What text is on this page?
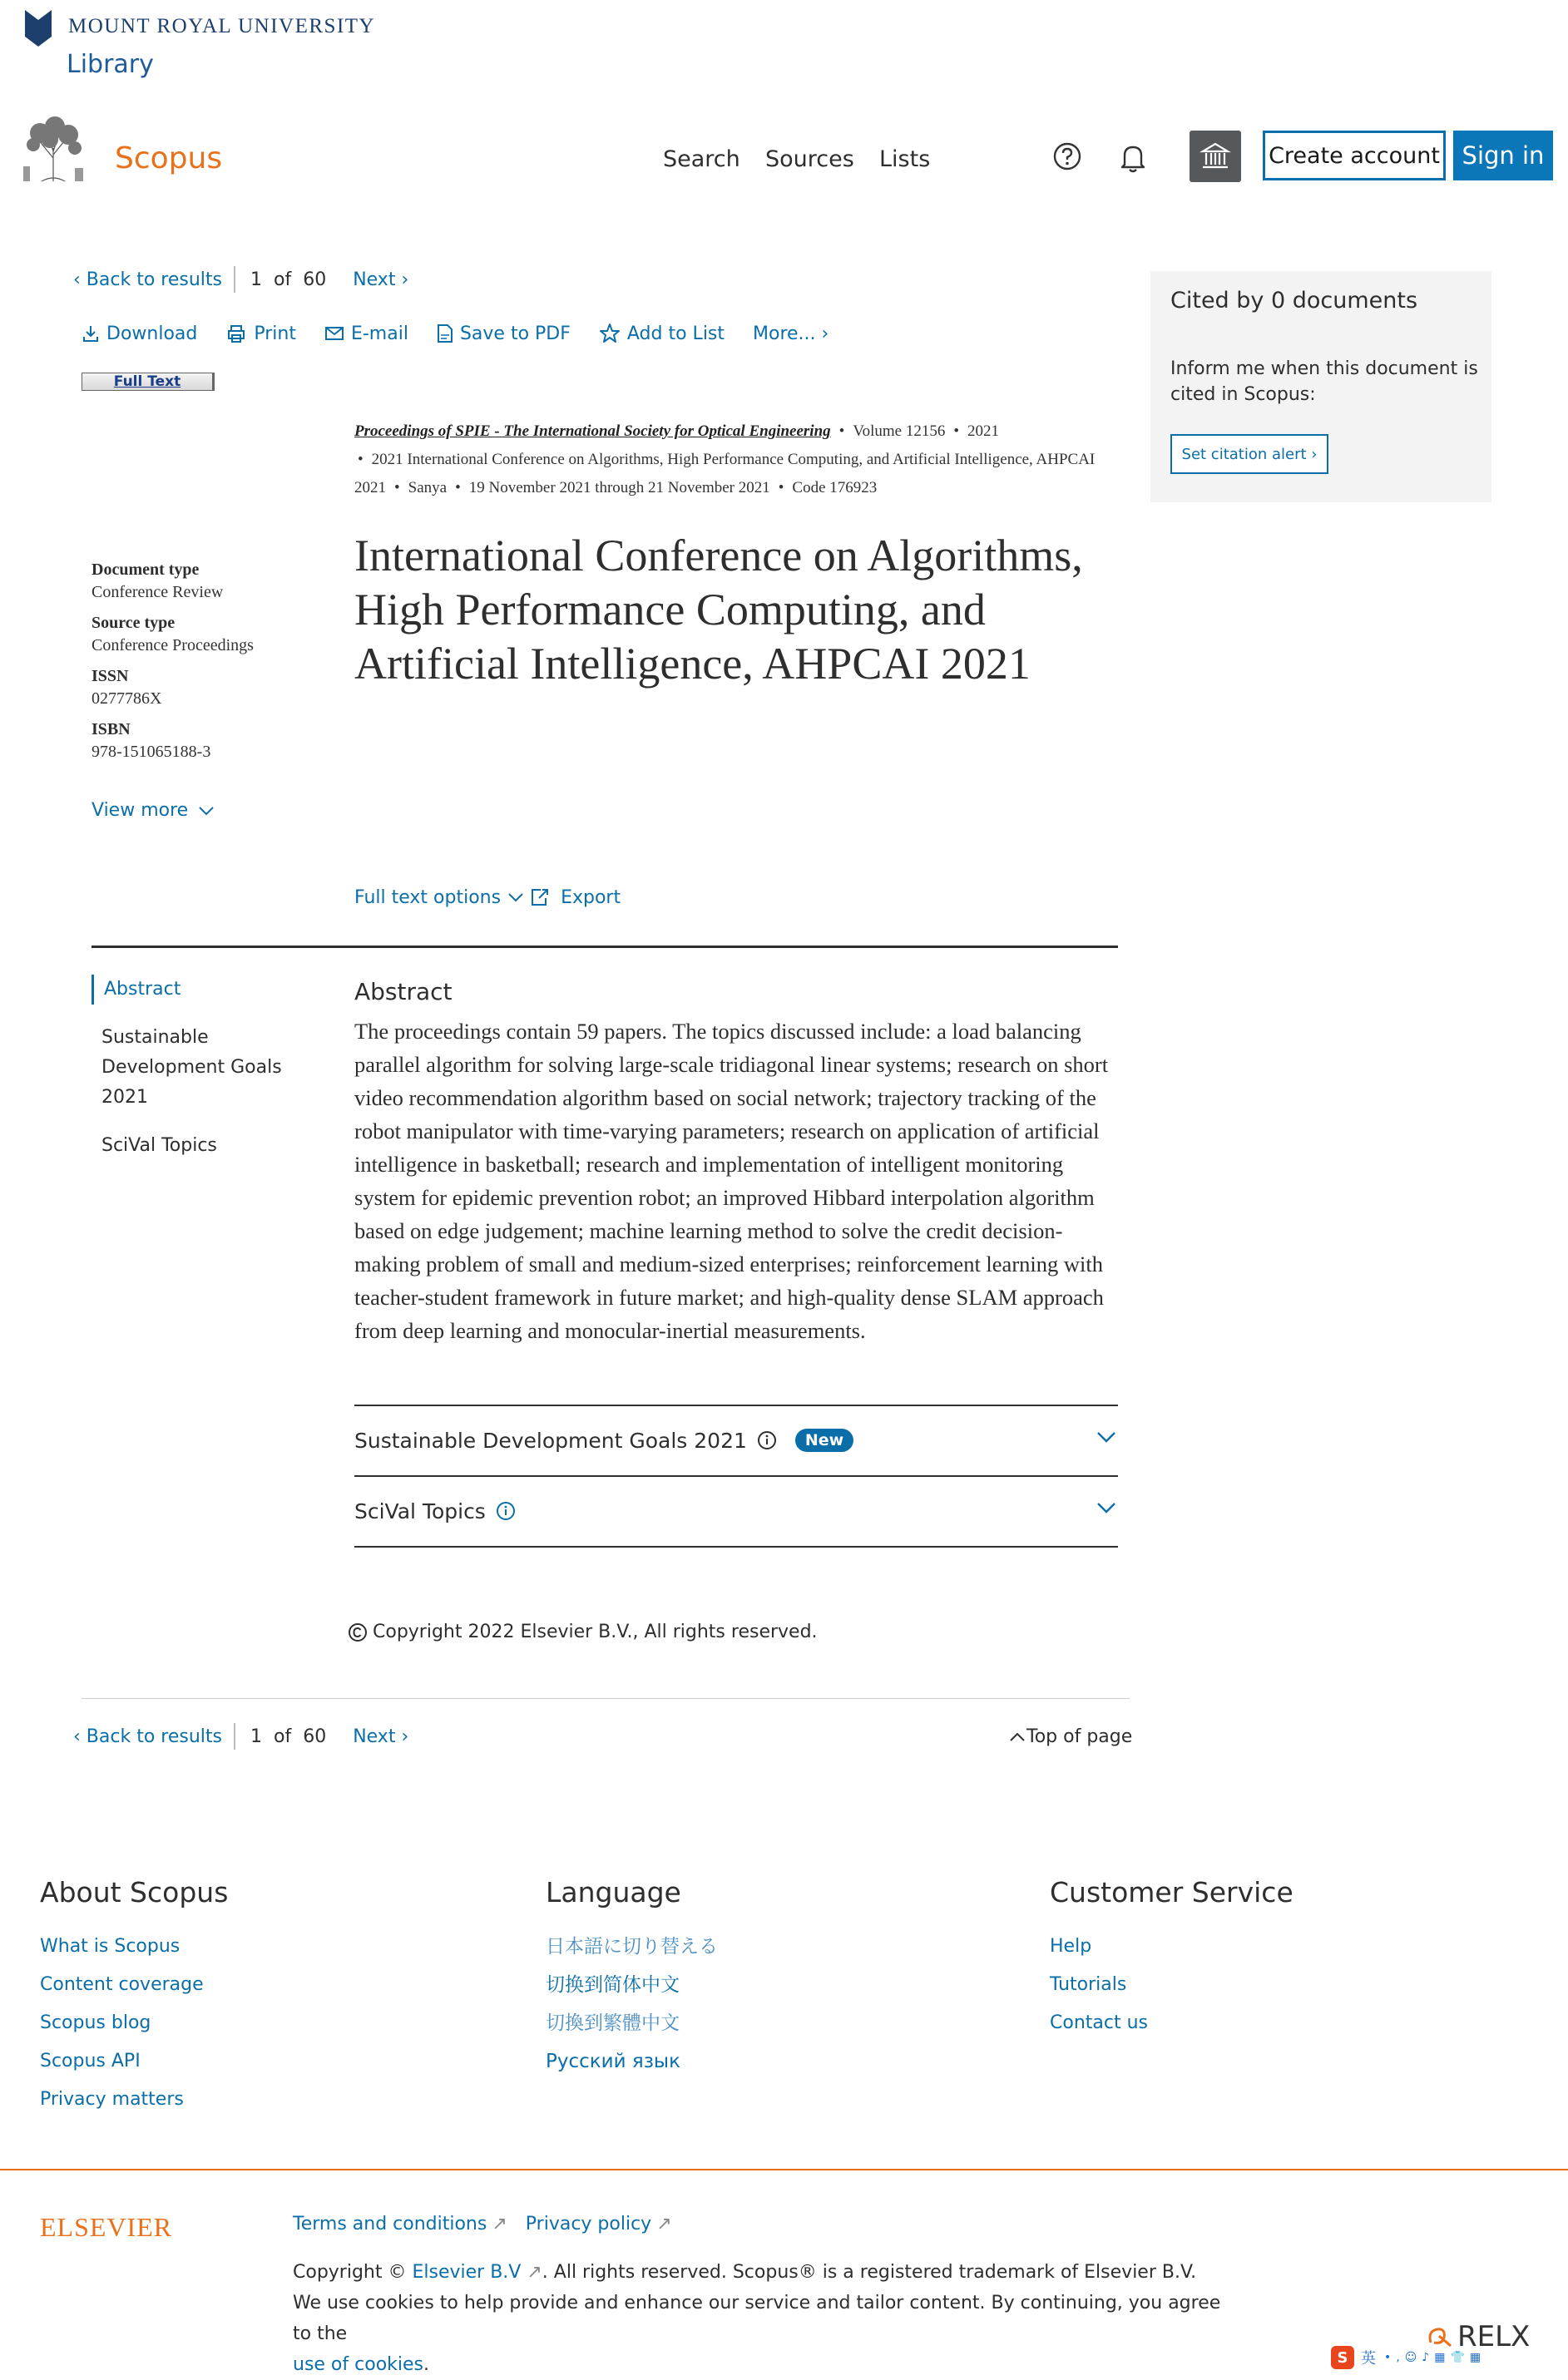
MOUNT ROYAL UNIVERSITY
Library
Scopus	Search Sources Lists	Create account Sign in
‹ Back to results 1 of 60 Next ›
Download	Print	E-mail	Save to PDF	Add to List More... ›
Full Text
Proceedings of SPIE - The International Society for Optical Engineering • Volume 12156 • 2021
• 2021 International Conference on Algorithms, High Performance Computing, and Artificial Intelligence, AHPCAI 2021 • Sanya • 19 November 2021 through 21 November 2021 • Code 176923
International Conference on Algorithms, High Performance Computing, and Artificial Intelligence, AHPCAI 2021
Document type
Conference Review
Source type
Conference Proceedings
ISSN
0277786X
ISBN
978-151065188-3
View more
Full text options	Export
Abstract
Sustainable Development Goals 2021
SciVal Topics
Abstract
The proceedings contain 59 papers. The topics discussed include: a load balancing parallel algorithm for solving large-scale tridiagonal linear systems; research on short video recommendation algorithm based on social network; trajectory tracking of the robot manipulator with time-varying parameters; research on application of artificial intelligence in basketball; research and implementation of intelligent monitoring system for epidemic prevention robot; an improved Hibbard interpolation algorithm based on edge judgement; machine learning method to solve the credit decision-making problem of small and medium-sized enterprises; reinforcement learning with teacher-student framework in future market; and high-quality dense SLAM approach from deep learning and monocular-inertial measurements.
Sustainable Development Goals 2021	New
SciVal Topics
Copyright 2022 Elsevier B.V., All rights reserved.
‹ Back to results 1 of 60 Next ›	Top of page
Cited by 0 documents
Inform me when this document is cited in Scopus:
Set citation alert ›
About Scopus	Language	Customer Service
What is Scopus
Content coverage
Scopus blog
Scopus API
Privacy matters
日本語に切り替える
切换到简体中文
切換到繁體中文
Русский язык
Help
Tutorials
Contact us
ELSEVIER	Terms and conditions ↗ Privacy policy ↗
Copyright © Elsevier B.V ↗. All rights reserved. Scopus® is a registered trademark of Elsevier B.V.
We use cookies to help provide and enhance our service and tailor content. By continuing, you agree to the
use of cookies.
RELX
S 英 •‚☺♪▦👕▦
